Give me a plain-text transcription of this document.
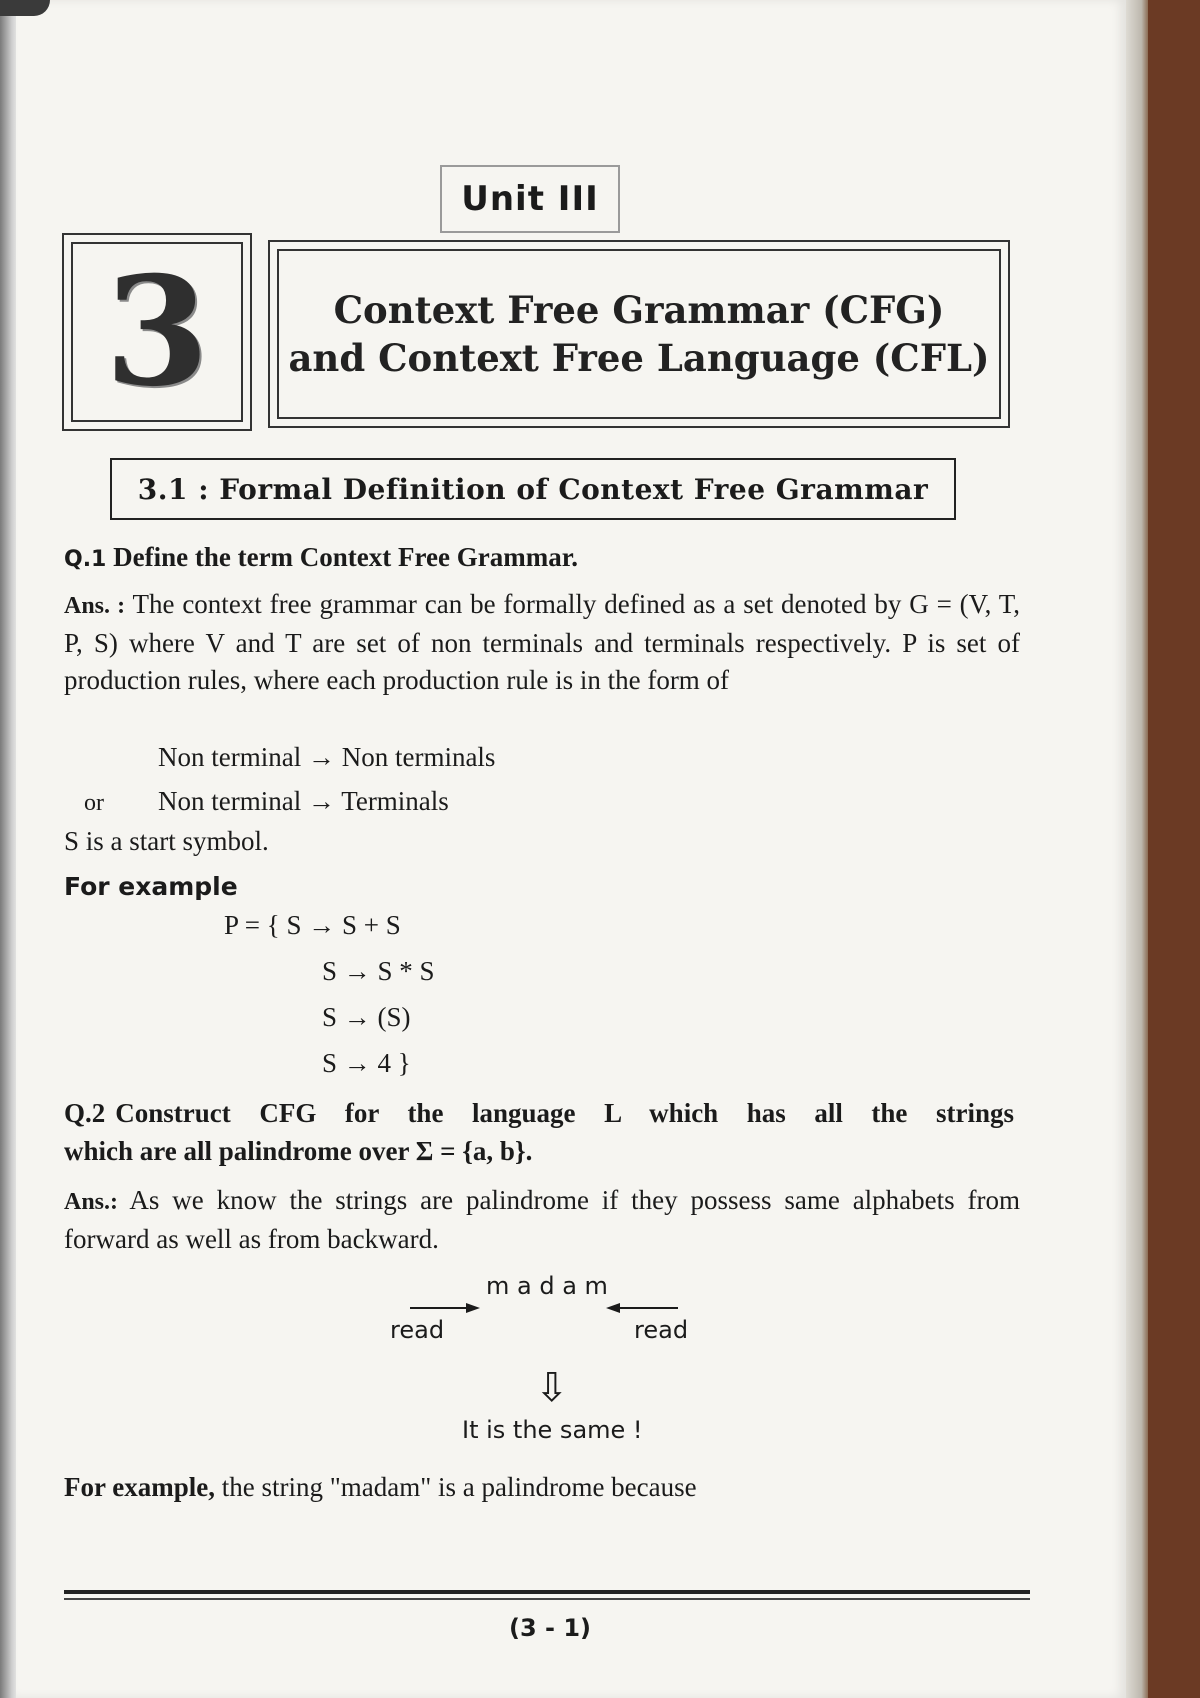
Unit III
3	Context Free Grammar (CFG)
and Context Free Language (CFL)
3.1 : Formal Definition of Context Free Grammar
Q.1 Define the term Context Free Grammar.
Ans. : The context free grammar can be formally defined as a set denoted by G = (V, T, P, S) where V and T are set of non terminals and terminals respectively. P is set of production rules, where each production rule is in the form of
Non terminal → Non terminals
or Non terminal → Terminals
S is a start symbol.
For example
P = { S → S + S
S → S * S
S → (S)
S → 4 }
Q.2 Construct CFG for the language L which has all the strings
which are all palindrome over Σ = {a, b}.
Ans.: As we know the strings are palindrome if they possess same alphabets from forward as well as from backward.
m a d a m
read	read
⇩
It is the same !
For example, the string "madam" is a palindrome because
(3 - 1)
